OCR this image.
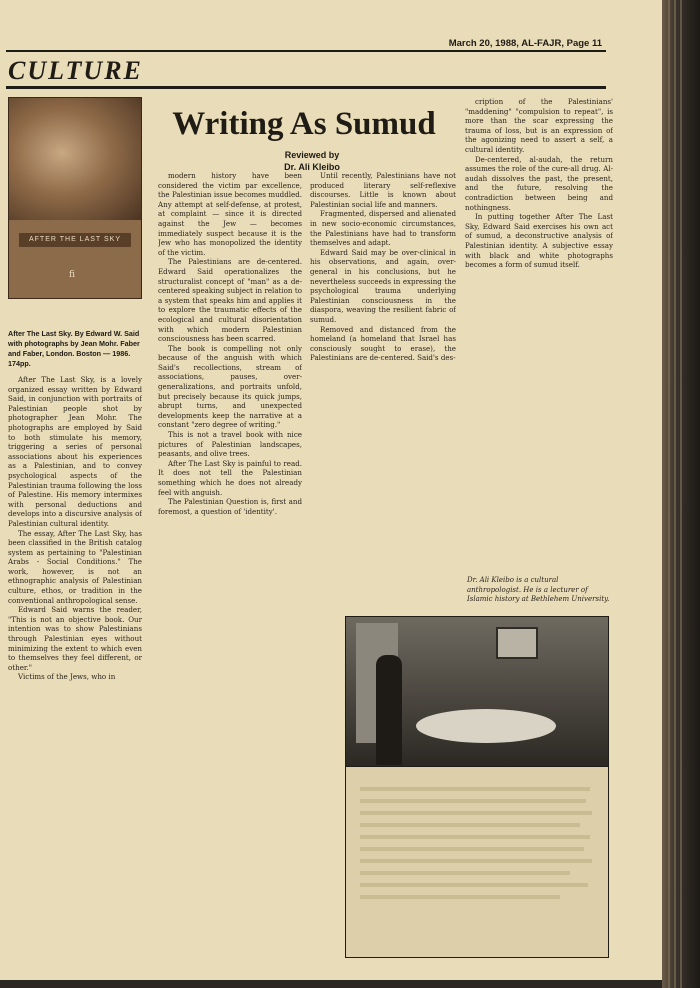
March 20, 1988, AL-FAJR, Page 11
CULTURE
AFTER THE LAST SKY
fi
After The Last Sky. By Edward W. Said with photographs by Jean Mohr. Faber and Faber, London. Boston — 1986. 174pp.
Writing As Sumud
Reviewed by
Dr. Ali Kleibo

After The Last Sky, is a lovely organized essay written by Edward Said, in conjunction with portraits of Palestinian people shot by photographer Jean Mohr. The photographs are employed by Said to both stimulate his memory, triggering a series of personal associations about his experiences as a Palestinian, and to convey psychological aspects of the Palestinian trauma following the loss of Palestine. His memory intermixes with personal deductions and develops into a discursive analysis of Palestinian cultural identity.

The essay, After The Last Sky, has been classified in the British catalog system as pertaining to "Palestinian Arabs - Social Conditions." The work, however, is not an ethnographic analysis of Palestinian culture, ethos, or tradition in the conventional anthropological sense.

Edward Said warns the reader, "This is not an objective book. Our intention was to show Palestinians through Palestinian eyes without minimizing the extent to which even to themselves they feel different, or other."

Victims of the Jews, who in

modern history have been considered the victim par excellence, the Palestinian issue becomes muddled. Any attempt at self-defense, at protest, at complaint — since it is directed against the Jew — becomes immediately suspect because it is the Jew who has monopolized the identity of the victim.

The Palestinians are de-centered. Edward Said operationalizes the structuralist concept of "man" as a de-centered speaking subject in relation to a system that speaks him and applies it to explore the traumatic effects of the ecological and cultural disorientation with which modern Palestinian consciousness has been scarred.

The book is compelling not only because of the anguish with which Said's recollections, stream of associations, pauses, over-generalizations, and portraits unfold, but precisely because its quick jumps, abrupt turns, and unexpected developments keep the narrative at a constant "zero degree of writing."

This is not a travel book with nice pictures of Palestinian landscapes, peasants, and olive trees.

After The Last Sky is painful to read. It does not tell the Palestinian something which he does not already feel with anguish.

The Palestinian Question is, first and foremost, a question of 'identity'.

Until recently, Palestinians have not produced literary self-reflexive discourses. Little is known about Palestinian social life and manners.

Fragmented, dispersed and alienated in new socio-economic circumstances, the Palestinians have had to transform themselves and adapt.

Edward Said may be over-clinical in his observations, and again, over-general in his conclusions, but he nevertheless succeeds in expressing the psychological trauma underlying Palestinian consciousness in the diaspora, weaving the resilient fabric of sumud.

Removed and distanced from the homeland (a homeland that Israel has consciously sought to erase), the Palestinians are de-centered. Said's des-

cription of the Palestinians' "maddening" "compulsion to repeat", is more than the scar expressing the trauma of loss, but is an expression of the agonizing need to assert a self, a cultural identity.

De-centered, al-audah, the return assumes the role of the cure-all drug. Al-audah dissolves the past, the present, and the future, resolving the contradiction between being and nothingness.

In putting together After The Last Sky, Edward Said exercises his own act of sumud, a deconstructive analysis of Palestinian identity. A subjective essay with black and white photographs becomes a form of sumud itself.

Dr. Ali Kleibo is a cultural anthropologist. He is a lecturer of Islamic history at Bethlehem University.
